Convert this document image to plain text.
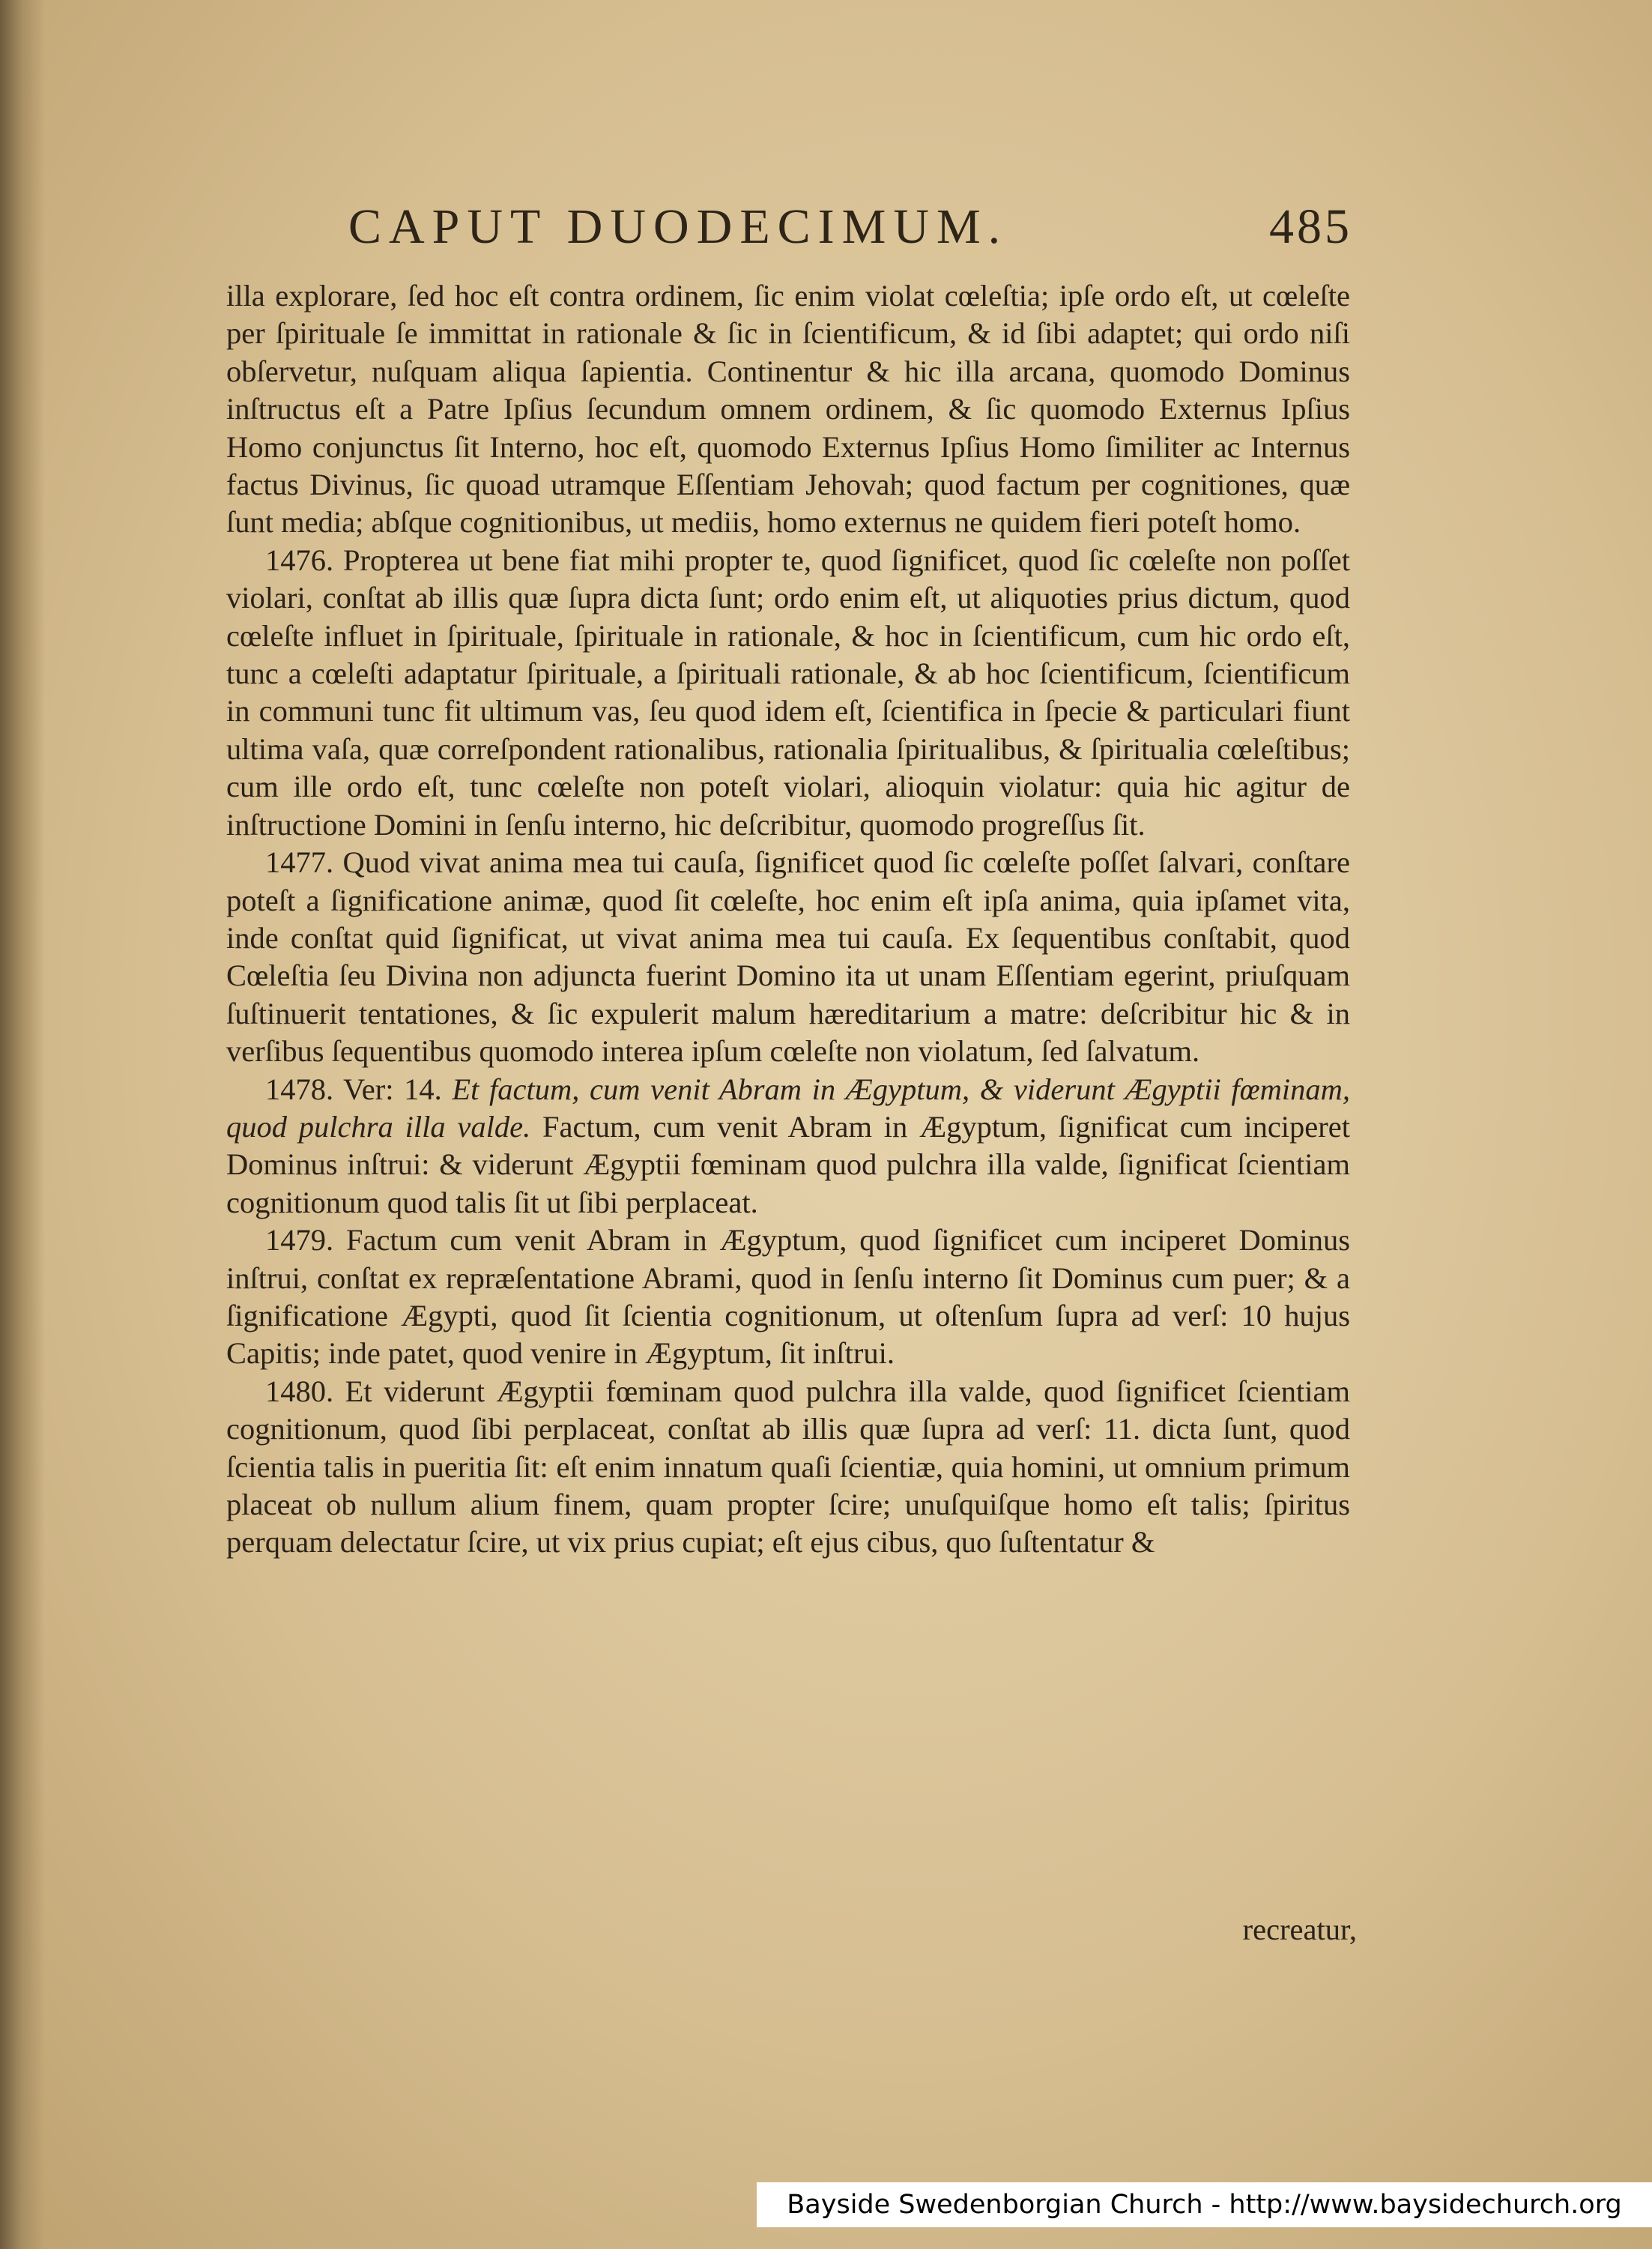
CAPUT DUODECIMUM.	485

illa explorare, ſed hoc eſt contra ordinem, ſic enim violat cœleſtia; ipſe ordo eſt, ut cœleſte per ſpirituale ſe immittat in rationale & ſic in ſcientificum, & id ſibi adaptet; qui ordo niſi obſervetur, nuſquam aliqua ſapientia. Continentur & hic illa arcana, quomodo Dominus inſtructus eſt a Patre Ipſius ſecundum omnem ordinem, & ſic quomodo Externus Ipſius Homo conjunctus ſit Interno, hoc eſt, quomodo Externus Ipſius Homo ſimiliter ac Internus factus Divinus, ſic quoad utramque Eſſentiam Jehovah; quod factum per cognitiones, quæ ſunt media; abſque cognitionibus, ut mediis, homo externus ne quidem fieri poteſt homo.

1476. Propterea ut bene fiat mihi propter te, quod ſignificet, quod ſic cœleſte non poſſet violari, conſtat ab illis quæ ſupra dicta ſunt; ordo enim eſt, ut aliquoties prius dictum, quod cœleſte influet in ſpirituale, ſpirituale in rationale, & hoc in ſcientificum, cum hic ordo eſt, tunc a cœleſti adaptatur ſpirituale, a ſpirituali rationale, & ab hoc ſcientificum, ſcientificum in communi tunc fit ultimum vas, ſeu quod idem eſt, ſcientifica in ſpecie & particulari fiunt ultima vaſa, quæ correſpondent rationalibus, rationalia ſpiritualibus, & ſpiritualia cœleſtibus; cum ille ordo eſt, tunc cœleſte non poteſt violari, alioquin violatur: quia hic agitur de inſtructione Domini in ſenſu interno, hic deſcribitur, quomodo progreſſus ſit.

1477. Quod vivat anima mea tui cauſa, ſignificet quod ſic cœleſte poſſet ſalvari, conſtare poteſt a ſignificatione animæ, quod ſit cœleſte, hoc enim eſt ipſa anima, quia ipſamet vita, inde conſtat quid ſignificat, ut vivat anima mea tui cauſa. Ex ſequentibus conſtabit, quod Cœleſtia ſeu Divina non adjuncta fuerint Domino ita ut unam Eſſentiam egerint, priuſquam ſuſtinuerit tentationes, & ſic expulerit malum hæreditarium a matre: deſcribitur hic & in verſibus ſequentibus quomodo interea ipſum cœleſte non violatum, ſed ſalvatum.

1478. Ver: 14. Et factum, cum venit Abram in Ægyptum, & viderunt Ægyptii fœminam, quod pulchra illa valde. Factum, cum venit Abram in Ægyptum, ſignificat cum inciperet Dominus inſtrui: & viderunt Ægyptii fœminam quod pulchra illa valde, ſignificat ſcientiam cognitionum quod talis ſit ut ſibi perplaceat.

1479. Factum cum venit Abram in Ægyptum, quod ſignificet cum inciperet Dominus inſtrui, conſtat ex repræſentatione Abrami, quod in ſenſu interno ſit Dominus cum puer; & a ſignificatione Ægypti, quod ſit ſcientia cognitionum, ut oſtenſum ſupra ad verſ: 10 hujus Capitis; inde patet, quod venire in Ægyptum, ſit inſtrui.

1480. Et viderunt Ægyptii fœminam quod pulchra illa valde, quod ſignificet ſcientiam cognitionum, quod ſibi perplaceat, conſtat ab illis quæ ſupra ad verſ: 11. dicta ſunt, quod ſcientia talis in pueritia ſit: eſt enim innatum quaſi ſcientiæ, quia homini, ut omnium primum placeat ob nullum alium finem, quam propter ſcire; unuſquiſque homo eſt talis; ſpiritus perquam delectatur ſcire, ut vix prius cupiat; eſt ejus cibus, quo ſuſtentatur &

recreatur,
Bayside Swedenborgian Church - http://www.baysidechurch.org
